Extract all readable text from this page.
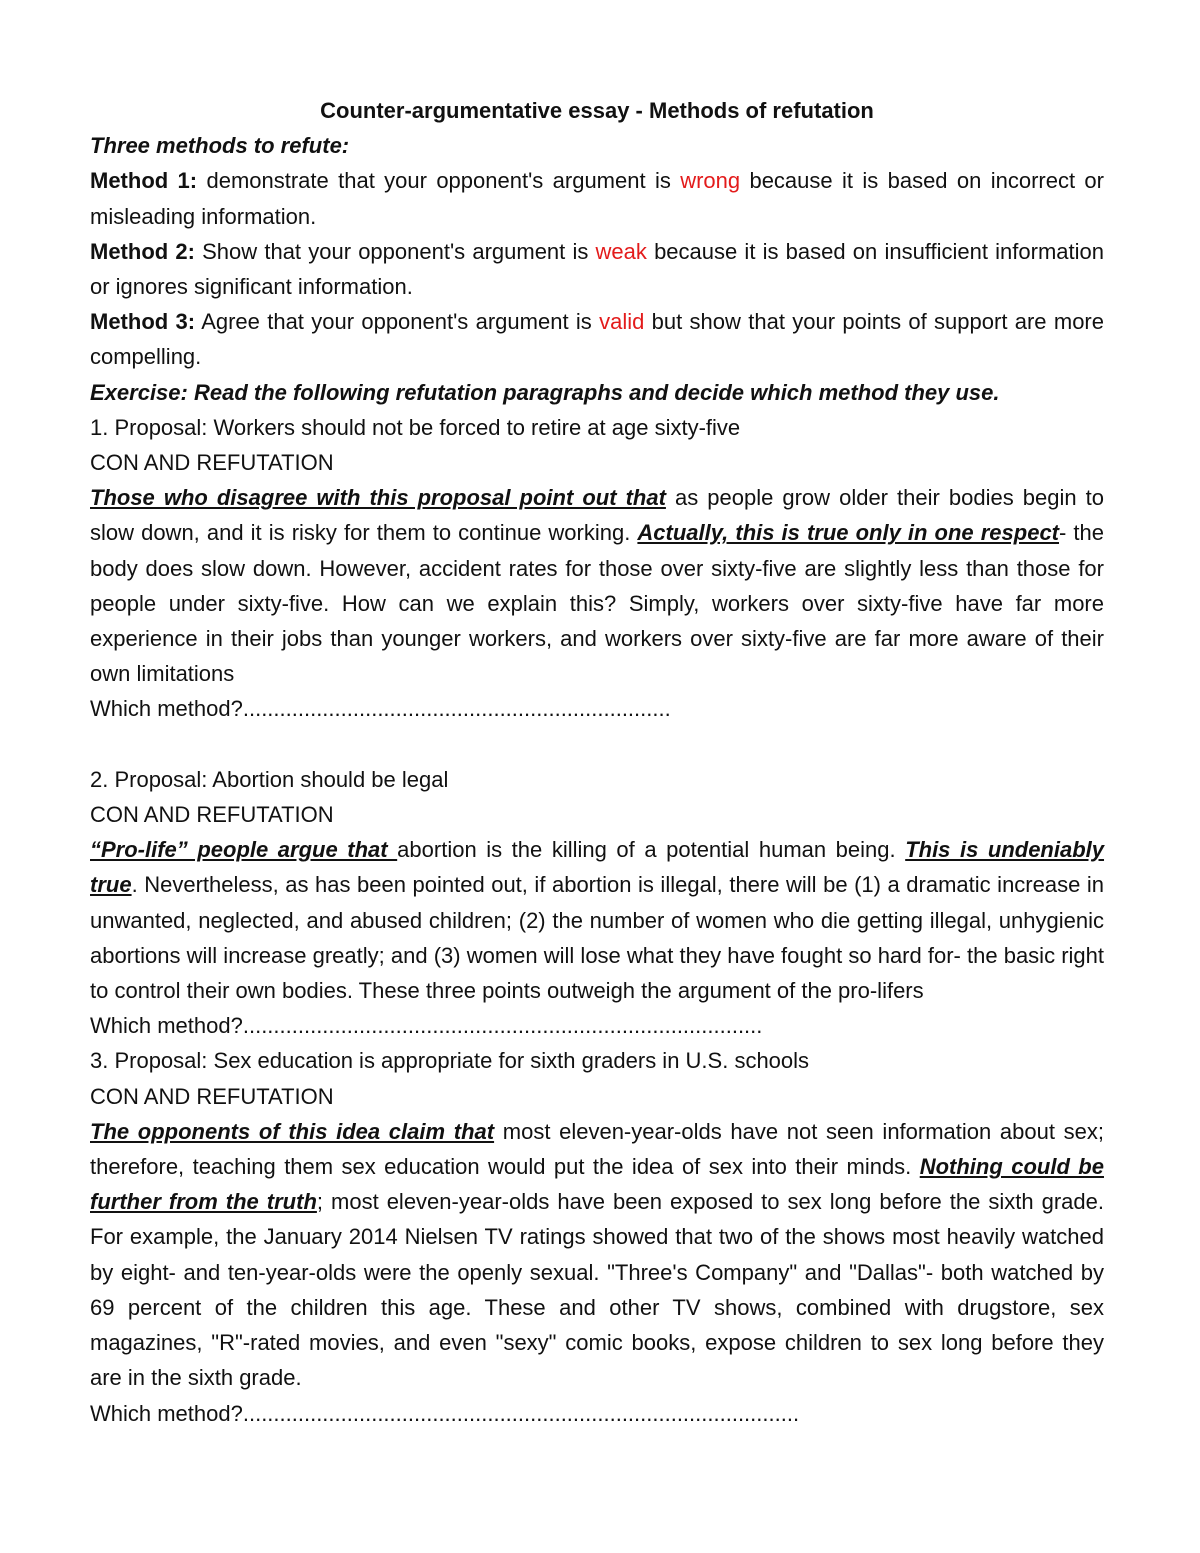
Counter-argumentative essay - Methods of refutation

Three methods to refute:

Method 1: demonstrate that your opponent's argument is wrong because it is based on incorrect or misleading information.

Method 2: Show that your opponent's argument is weak because it is based on insufficient information or ignores significant information.

Method 3: Agree that your opponent's argument is valid but show that your points of support are more compelling.

Exercise: Read the following refutation paragraphs and decide which method they use.

1. Proposal: Workers should not be forced to retire at age sixty-five

CON AND REFUTATION

Those who disagree with this proposal point out that as people grow older their bodies begin to slow down, and it is risky for them to continue working. Actually, this is true only in one respect- the body does slow down. However, accident rates for those over sixty-five are slightly less than those for people under sixty-five. How can we explain this? Simply, workers over sixty-five have far more experience in their jobs than younger workers, and workers over sixty-five are far more aware of their own limitations

Which method?......................................................................

2. Proposal: Abortion should be legal

CON AND REFUTATION

“Pro-life” people argue that abortion is the killing of a potential human being. This is undeniably true. Nevertheless, as has been pointed out, if abortion is illegal, there will be (1) a dramatic increase in unwanted, neglected, and abused children; (2) the number of women who die getting illegal, unhygienic abortions will increase greatly; and (3) women will lose what they have fought so hard for- the basic right to control their own bodies. These three points outweigh the argument of the pro-lifers

Which method?.....................................................................................

3. Proposal: Sex education is appropriate for sixth graders in U.S. schools

CON AND REFUTATION

The opponents of this idea claim that most eleven-year-olds have not seen information about sex; therefore, teaching them sex education would put the idea of sex into their minds. Nothing could be further from the truth; most eleven-year-olds have been exposed to sex long before the sixth grade. For example, the January 2014 Nielsen TV ratings showed that two of the shows most heavily watched by eight- and ten-year-olds were the openly sexual. "Three's Company" and "Dallas"- both watched by 69 percent of the children this age. These and other TV shows, combined with drugstore, sex magazines, "R"-rated movies, and even "sexy" comic books, expose children to sex long before they are in the sixth grade.

Which method?...........................................................................................
